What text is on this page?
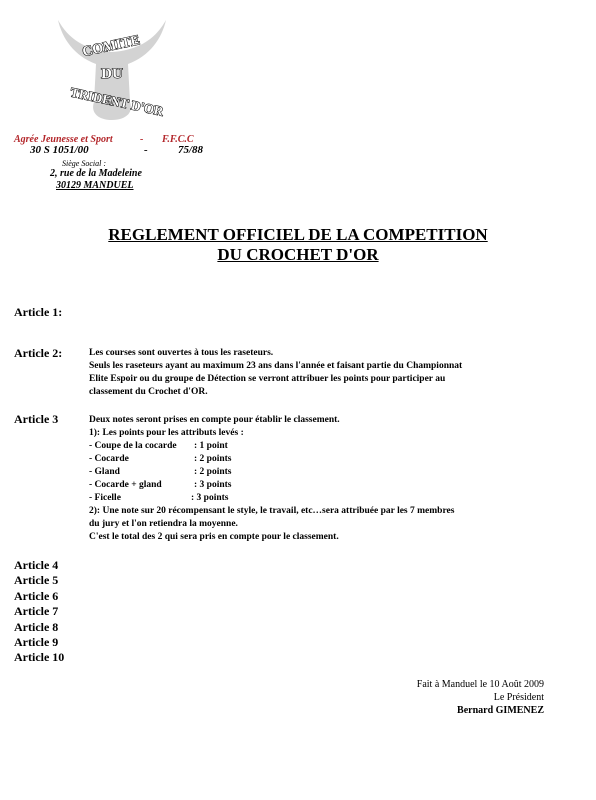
COMITE
DU
TRIDENT D'OR
Agrée Jeunesse et Sport	- F.F.C.C
30 S 1051/00	-	75/88
Siège Social :
2, rue de la Madeleine
30129 MANDUEL
REGLEMENT OFFICIEL DE LA COMPETITION
DU CROCHET D'OR
Article 1:
Article 2:	Les courses sont ouvertes à tous les raseteurs.
Seuls les raseteurs ayant au maximum 23 ans dans l'année et faisant partie du Championnat
Elite Espoir ou du groupe de Détection se verront attribuer les points pour participer au
classement du Crochet d'OR.
Article 3	Deux notes seront prises en compte pour établir le classement.
1): Les points pour les attributs levés :
- Coupe de la cocarde : 1 point
- Cocarde	: 2 points
- Gland	: 2 points
- Cocarde + gland	: 3 points
- Ficelle	: 3 points
2): Une note sur 20 récompensant le style, le travail, etc…sera attribuée par les 7 membres
du jury et l'on retiendra la moyenne.
C'est le total des 2 qui sera pris en compte pour le classement.
Article 4
Article 5
Article 6
Article 7
Article 8
Article 9
Article 10
Fait à Manduel le 10 Août 2009
Le Président
Bernard GIMENEZ
